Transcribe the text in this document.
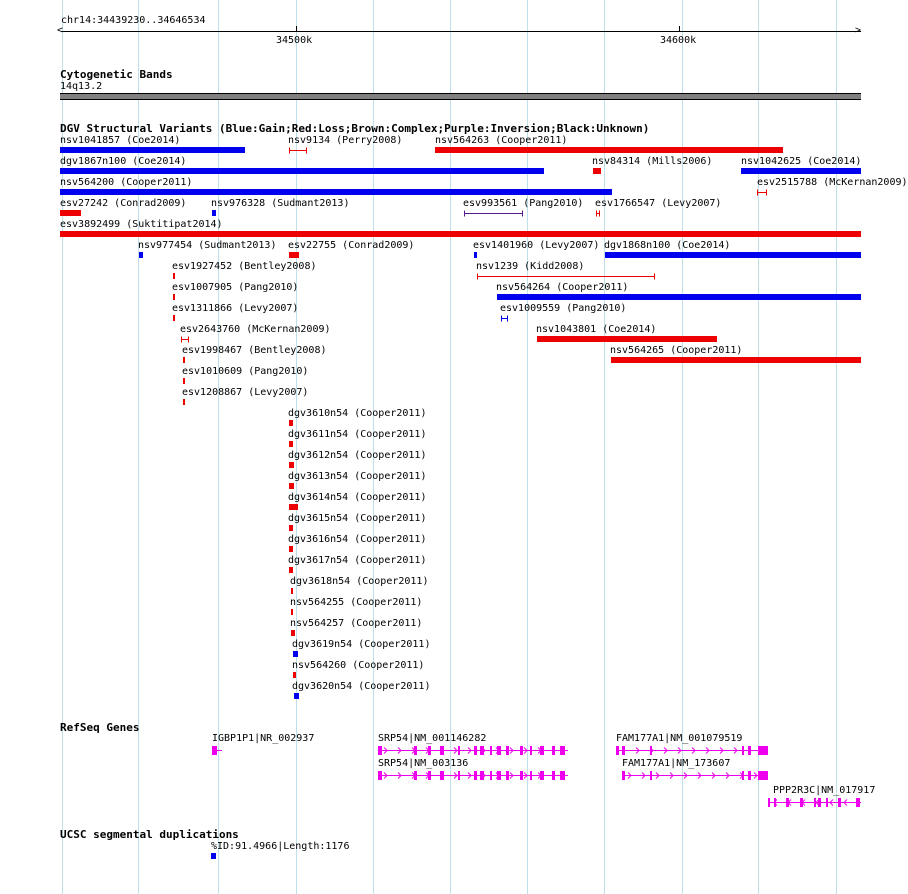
chr14:34439230..34646534
34500k	34600k
<	>
Cytogenetic Bands
14q13.2
DGV Structural Variants (Blue:Gain;Red:Loss;Brown:Complex;Purple:Inversion;Black:Unknown)
nsv1041857 (Coe2014)	nsv9134 (Perry2008)	nsv564263 (Cooper2011)
dgv1867n100 (Coe2014)	nsv84314 (Mills2006)	nsv1042625 (Coe2014)
nsv564200 (Cooper2011)	esv2515788 (McKernan2009)
esv27242 (Conrad2009) nsv976328 (Sudmant2013)	esv993561 (Pang2010) esv1766547 (Levy2007)
esv3892499 (Suktitipat2014)
nsv977454 (Sudmant2013) esv22755 (Conrad2009)	esv1401960 (Levy2007) dgv1868n100 (Coe2014)
esv1927452 (Bentley2008)	nsv1239 (Kidd2008)
esv1007905 (Pang2010)	nsv564264 (Cooper2011)
esv1311866 (Levy2007)	esv1009559 (Pang2010)
esv2643760 (McKernan2009)	nsv1043801 (Coe2014)
esv1998467 (Bentley2008)	nsv564265 (Cooper2011)
esv1010609 (Pang2010)
esv1208867 (Levy2007)
dgv3610n54 (Cooper2011)
dgv3611n54 (Cooper2011)
dgv3612n54 (Cooper2011)
dgv3613n54 (Cooper2011)
dgv3614n54 (Cooper2011)
dgv3615n54 (Cooper2011)
dgv3616n54 (Cooper2011)
dgv3617n54 (Cooper2011)
dgv3618n54 (Cooper2011)
nsv564255 (Cooper2011)
nsv564257 (Cooper2011)
dgv3619n54 (Cooper2011)
nsv564260 (Cooper2011)
dgv3620n54 (Cooper2011)
RefSeq Genes
IGBP1P1|NR_002937	SRP54|NM_001146282
SRP54|NM_003136
FAM177A1|NM_001079519
FAM177A1|NM_173607
PPP2R3C|NM_017917
UCSC segmental duplications
%ID:91.4966|Length:1176
